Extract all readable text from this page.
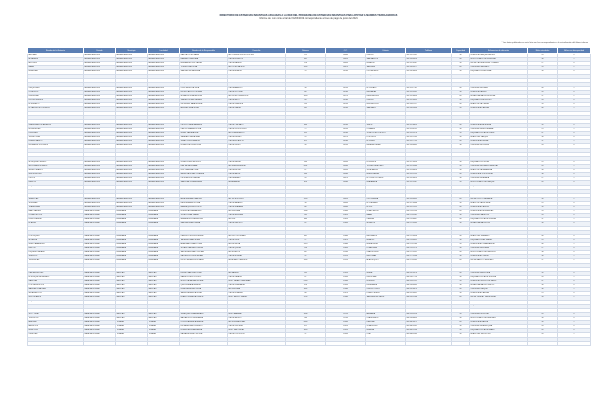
DIRECTORIO DE ESTANCIAS INFANTILES AFILIADAS A LA RED DEL PROGRAMA DE ESTANCIAS INFANTILES PARA APOYAR A MADRES TRABAJADORAS
Informe de: con corte al tal del 31/03/2019 correspondiente al mes de pago de junio del 2021
* Los datos publicados en esta lista son los correspondientes a la actualización del último informe
Nombre de la Estancia	Estado	Municipio	Localidad	Nombre de la Responsable	Domicilio	Número	C.P.	Colonia	Teléfono	Capacidad	Referencias de ubicación	Niños atendidos	Niños con discapacidad
ABC BABY	AGUASCALIENTES	AGUASCALIENTES	AGUASCALIENTES	GARCÍA LÓPEZ MARÍA	AV. CONVENCIÓN DE 1914 SUR	115	20000	CENTRO	449 915 2301	30	FRENTE AL PARQUE HÉROES	24	0
ACUARELA	AGUASCALIENTES	AGUASCALIENTES	AGUASCALIENTES	RAMÍREZ PÉREZ ANA	CALLE MORELOS	402	20010	SAN MARCOS	449 918 4420	40	A UN COSTADO DE LA IGLESIA	38	1
ARCOIRIS	AGUASCALIENTES	AGUASCALIENTES	AGUASCALIENTES	HERNÁNDEZ RUIZ LAURA	CALLE MADERO	218	20050	LA SALUD	449 912 0987	30	ENTRE CALLE ALLENDE Y JUÁREZ	27	0
BAMBI	AGUASCALIENTES	AGUASCALIENTES	AGUASCALIENTES	TORRES DÍAZ ROSA	AV. LÓPEZ MATEOS	1205	20070	JARDINES	449 916 3377	60	CERCA DEL MERCADO	55	2
BURBUJAS	AGUASCALIENTES	AGUASCALIENTES	AGUASCALIENTES	SÁNCHEZ MORA ELENA	CALLE HIDALGO	76	20100	OJOCALIENTE	449 910 8854	30	ESQUINA CON REFORMA	30	0
CAMPANITA	AGUASCALIENTES	AGUASCALIENTES	AGUASCALIENTES	FLORES GÓMEZ DIANA	CALLE ZARAGOZA	330	20120	BOSQUES DEL PRADO	449 914 2210	40	FRENTE A LA ESCUELA PRIMARIA	36	1
CARRUSEL	AGUASCALIENTES	AGUASCALIENTES	AGUASCALIENTES	MARTÍNEZ LUNA SOFÍA	AV. AGUASCALIENTES NTE.	890	20130	PRIMO VERDAD	449 917 6632	50	A LADO DE LA FARMACIA	48	0
CASITA FELIZ	AGUASCALIENTES	AGUASCALIENTES	AGUASCALIENTES	VÁZQUEZ ORTIZ CLAUDIA	CALLE GUERRERO	145	20140	CIUDAD SATÉLITE	449 911 5546	30	ATRÁS DEL CENTRO DE SALUD	29	0
CHIQUITINES	AGUASCALIENTES	AGUASCALIENTES	AGUASCALIENTES	CRUZ MENDOZA JULIA	CALLE ABASOLO	58	20150	EL DORADO	449 913 7781	40	CERCA DE LA PLAZA	40	1
CONEJITOS	AGUASCALIENTES	AGUASCALIENTES	AGUASCALIENTES	REYES CASTILLO NORMA	CALLE VICTORIA	267	20160	LAS HADAS	449 919 3302	30	FRENTE AL JARDÍN	26	0
DESPERTAR	AGUASCALIENTES	AGUASCALIENTES	AGUASCALIENTES	MORALES SILVA PATRICIA	AV. DE LA CONVENCIÓN	1410	20170	INSURGENTES	449 915 8890	60	A UNA CUADRA DEL HOSPITAL	57	2
DULCES SUEÑOS	AGUASCALIENTES	AGUASCALIENTES	AGUASCALIENTES	JIMÉNEZ ROJAS CARMEN	CALLE NIETO	84	20180	CENTRO	449 912 4455	30	ESQUINA CON MONTORO	28	0
EL ENCANTO	AGUASCALIENTES	AGUASCALIENTES	AGUASCALIENTES	GUTIÉRREZ NAVA MÓNICA	CALLE OBREGÓN	193	20190	LA FUNDICIÓN	449 918 1127	40	A LADO DE LA TIENDA	35	0
EL JARDÍN DE LOS NIÑOS	AGUASCALIENTES	AGUASCALIENTES	AGUASCALIENTES	AGUILAR VEGA SILVIA	CALLE JUÁREZ	502	20200	SAN PABLO	449 916 9034	50	FRENTE A LA CANCHA	46	1
ESTRELLITAS	AGUASCALIENTES	AGUASCALIENTES	AGUASCALIENTES	DOMÍNGUEZ PAZ TERESA	CALLE ALLENDE	38	20210	GREMIAL	449 910 2268	30	CERCA DEL DEPORTIVO	30	0
FANTASÍA	AGUASCALIENTES	AGUASCALIENTES	AGUASCALIENTES	MEDINA SOTO ADRIANA	AV. SIGLO XXI	2200	20220	VILLAS DE NTRA. SRA.	449 914 6671	60	ENTRE SUPERMERCADO Y BANCO	54	1
GOTITAS DE AMOR	AGUASCALIENTES	AGUASCALIENTES	AGUASCALIENTES	RÍOS CAMPOS VERÓNICA	CALLE PINO SUÁREZ	117	20230	MORELOS	449 917 3340	30	A UN COSTADO DEL TEMPLO	27	0
GUARDERÍA LOS ÁNGELES	AGUASCALIENTES	AGUASCALIENTES	AGUASCALIENTES	OROZCO LARA GABRIELA	CALLE 5 DE MAYO	640	20240	VÉRTIZ	449 911 8823	40	FRENTE A LA PAPELERÍA	39	0
HORMIGUITAS	AGUASCALIENTES	AGUASCALIENTES	AGUASCALIENTES	CASTRO IBARRA LETICIA	CALLE TECNOLÓGICO	71	20250	OLIVARES	449 913 0192	30	CERCA DE LA SECUNDARIA	25	1
ILUSIONES	AGUASCALIENTES	AGUASCALIENTES	AGUASCALIENTES	NÚÑEZ PARRA ALICIA	AV. PRIMER ANILLO	355	20260	JOSÉ LÓPEZ PORTILLO	449 919 5576	50	ESQUINA CON CALLE ROBLE	47	0
JUGUETONES	AGUASCALIENTES	AGUASCALIENTES	AGUASCALIENTES	SALAZAR PINEDA IRMA	CALLE FRESNO	29	20270	LOS PINOS	449 915 1143	30	A LADO DEL PARQUE	30	0
KINDER MÁGICO	AGUASCALIENTES	AGUASCALIENTES	AGUASCALIENTES	VEGA CORTÉS BEATRIZ	CALLE EUCALIPTO	412	20280	EL ROBLE	449 912 7759	40	FRENTE A LA IGLESIA	37	1
LA CASA DE LOS NIÑOS	AGUASCALIENTES	AGUASCALIENTES	AGUASCALIENTES	ROMERO ACOSTA LUCÍA	CALLE CEDRO	96	20290	LAS ARBOLEDAS	449 918 6605	30	CERCA DE LA CLÍNICA	28	0
LAS ABEJITAS	AGUASCALIENTES	AGUASCALIENTES	AGUASCALIENTES	HERRERA BRAVO MARTHA	AV. HÉROE DE NACOZARI	1780	20300	CURTIDORES	449 916 2238	60	ENTRE TIENDA Y GASOLINERA	58	2
LOS PITUFOS	AGUASCALIENTES	AGUASCALIENTES	AGUASCALIENTES	LÓPEZ ESTRADA NANCY	CALLE NOGAL	233	20310	PRIMAVERA	449 910 4481	30	A UNA CUADRA DEL MERCADO	26	0
MARIPOSITAS	AGUASCALIENTES	AGUASCALIENTES	AGUASCALIENTES	PÉREZ VARGAS ROCÍO	CALLE OLMO	18	20320	CD. INDUSTRIAL	449 914 9917	40	FRENTE AL KÍNDER	40	1
MI PEQUEÑO MUNDO	AGUASCALIENTES	AGUASCALIENTES	AGUASCALIENTES	GÓMEZ FUENTES EDITH	CALLE LAUREL	540	20330	FOVISSSTE	449 917 0054	30	ESQUINA CON CIPRÉS	29	0
MIS PRIMEROS PASOS	AGUASCALIENTES	AGUASCALIENTES	AGUASCALIENTES	DÍAZ MEJÍA SUSANA	AV. INDEPENDENCIA	2051	20340	TROJES DE ALONSO	449 911 3386	50	CERCA DE LA PLAZA COMERCIAL	45	1
MUNDO INFANTIL	AGUASCALIENTES	AGUASCALIENTES	AGUASCALIENTES	RUIZ CABRERA OLGA	CALLE ENCINO	67	20350	VILLA JARDÍN	449 913 8820	30	A LADO DE LA PANADERÍA	30	0
NIÑOS FELICES	AGUASCALIENTES	AGUASCALIENTES	AGUASCALIENTES	MENDOZA ROSAS YOLANDA	CALLE SAUCE	304	20360	BUENOS AIRES	449 919 2259	40	FRENTE A LA TORTILLERÍA	38	0
OSITOS	AGUASCALIENTES	AGUASCALIENTES	AGUASCALIENTES	ORTEGA LUGO KARINA	CALLE ÁLAMO	45	20370	EL CONSTITUYENTE	449 915 6613	30	CERCA DE LA PARADA	27	1
PASITOS	AGUASCALIENTES	AGUASCALIENTES	AGUASCALIENTES	SANDOVAL RIVERA ERIKA	AV. ALAMEDA	820	20380	LA ALAMEDA	449 912 5587	50	A UN COSTADO DEL PARQUE	49	0
PEQUEÑOS GENIOS	AGUASCALIENTES	AGUASCALIENTES	AGUASCALIENTES	CAMPOS NAVARRO LILIA	CALLE MANZANO	112	20390	POCITOS	449 918 3391	30	ESQUINA CON DURAZNO	30	0
PIOLÍN	AGUASCALIENTES	AGUASCALIENTES	AGUASCALIENTES	MOLINA TREJO SANDRA	CALLE PERAL	79	20400	SAN FRANCISCO	449 916 7742	40	FRENTE A LA CASETA	36	1
RAYITO DE SOL	AGUASCALIENTES	AGUASCALIENTES	AGUASCALIENTES	CORONA DELGADO ESTELA	CALLE LIMÓN	256	20410	LAS FLORES	449 910 9968	30	CERCA DEL TALLER	24	0
SEMILLITAS	AGUASCALIENTES	AGUASCALIENTES	AGUASCALIENTES	AVILA SERRANO FABIOLA	AV. TECNOLÓGICO	1133	20420	OJO DE AGUA	449 914 0035	60	ENTRE OXXO Y FARMACIA	56	2
SONRISAS	AGUASCALIENTES	AGUASCALIENTES	AGUASCALIENTES	PADILLA MARÍN GLORIA	CALLE NARANJO	34	20430	EL PLATEADO	449 917 4468	30	A LADO DE LA ESCUELA	29	0
TRAVESURAS	AGUASCALIENTES	AGUASCALIENTES	AGUASCALIENTES	IBARRA QUINTERO RUTH	CALLE GRANADA	187	20440	EL SOL	449 911 1124	40	FRENTE A LA CAPILLA	39	0
BABY GARDEN	BAJA CALIFORNIA	ENSENADA	ENSENADA	ROBLES ACUÑA MARISOL	AV. REFORMA	1540	22800	ZONA CENTRO	646 178 2230	60	FRENTE A LA UNIVERSIDAD	55	1
CORAZONCITOS	BAJA CALIFORNIA	ENSENADA	ENSENADA	VILLA CORRAL ISABEL	CALLE SEGUNDA	245	22810	BAHÍA	646 174 5581	30	CERCA DEL MALECÓN	28	0
DIVERTILANDIA	BAJA CALIFORNIA	ENSENADA	ENSENADA	MIRANDA SOLÍS ANGÉLICA	AV. RUIZ	880	22820	OBRERA	646 176 8807	40	ESQUINA CON CALLE NOVENA	37	1
EL ARCA	BAJA CALIFORNIA	ENSENADA	ENSENADA	ZAMORA PEÑA LORENA	CALLE CASTILLO	62	22830	MORELOS	646 172 3349	30	A UNA CUADRA DEL DIF	30	0
GIRASOLES	BAJA CALIFORNIA	ENSENADA	ENSENADA	BENÍTEZ OCHOA CECILIA	AV. PEDRO LOYOLA	1912	22840	VALLE DORADO	646 177 9915	50	FRENTE AL CENTRO COMERCIAL	48	0
LITTLE KIDS	BAJA CALIFORNIA	ENSENADA	ENSENADA	ESPINOZA RANGEL PAOLA	CALLE DELANTE	303	22850	INDEPENDENCIA	646 173 6624	30	CERCA DE LA PRIMARIA	26	1
LOS PEQUES	BAJA CALIFORNIA	ENSENADA	ENSENADA	CARRILLO MONTES DENISE	AV. DEL TOPÓGRAFO	441	22860	EMPLEADOS	646 175 0098	40	A LADO DEL GIMNASIO	40	0
MI CASITA	BAJA CALIFORNIA	ENSENADA	ENSENADA	TAPIA ESCOBAR NOEMÍ	CALLE ONCE	27	22870	HIDALGO	646 178 4452	30	ESQUINA CON AV. JUÁREZ	29	0
NUEVO AMANECER	BAJA CALIFORNIA	ENSENADA	ENSENADA	ARIAS MALDONADO LIDIA	AV. ESPINOZA	1370	22880	BUENA VISTA	646 174 1186	50	FRENTE A LA COMANDANCIA	46	1
PATITOS	BAJA CALIFORNIA	ENSENADA	ENSENADA	SOLANO GALLARDO HILDA	CALLE QUINTA	156	22890	LOMA LINDA	646 176 2273	30	CERCA DE LA IGLESIA	27	0
PEQUEÑO PARAÍSO	BAJA CALIFORNIA	ENSENADA	ENSENADA	VALDEZ ARELLANO CINTHIA	AV. MORELOS	507	22900	CHAPULTEPEC	646 172 9931	40	A UN COSTADO DEL PANTEÓN	38	0
SUEÑITOS	BAJA CALIFORNIA	ENSENADA	ENSENADA	GALLEGOS PONCE MIRIAM	CALLE NOVENA	92	22910	LAS LOMAS	646 177 5508	30	FRENTE A LA CLÍNICA	30	1
TERNURITAS	BAJA CALIFORNIA	ENSENADA	ENSENADA	LEÓN CERVANTES ROSARIO	AV. ÁLVARO OBREGÓN	1265	22920	ACAPULQUITO	646 173 3365	60	ENTRE BANCO Y MERCADO	57	2
ANGELITOS	BAJA CALIFORNIA	MEXICALI	MEXICALI	BARRERA OLVERA ANA LUISA	CALZ. JUSTO SIERRA	1880	21000	LOS PINOS	686 557 2291	60	FRENTE A LA PLAZA	54	1
BEBÉS Y MÁS	BAJA CALIFORNIA	MEXICALI	MEXICALI	CÁRDENAS FRÍAS JUANA	CALLE ROSARITO	441	21010	PRO HOGAR	686 554 8816	30	A LADO DE LA FARMACIA	28	0
CARITAS FELICES	BAJA CALIFORNIA	MEXICALI	MEXICALI	ESPINO MARTÍNEZ DORA	AV. MADERO	235	21020	NUEVA	686 552 3370	40	CERCA DE LA ESCUELA	39	0
EL BOSQUE ENCANTADO	BAJA CALIFORNIA	MEXICALI	MEXICALI	GARZA TOLEDO XÓCHITL	CALLE OAXACA	67	21030	INDUSTRIAL	686 556 7724	30	ESQUINA CON CALLE SONORA	26	1
GAVIOTAS	BAJA CALIFORNIA	MEXICALI	MEXICALI	MONTOYA SALINAS IVONNE	BLVD. LÁZARO CÁRDENAS	2310	21040	ROBLEDO	686 553 1152	50	FRENTE AL CENTRO DE SALUD	47	0
LOS CARIÑOSITOS	BAJA CALIFORNIA	MEXICALI	MEXICALI	QUIROZ ANAYA REBECA	CALLE CHIHUAHUA	318	21050	ESPERANZA	686 558 4409	30	A UNA CUADRA DEL TEMPLO	30	0
MANITAS CREATIVAS	BAJA CALIFORNIA	MEXICALI	MEXICALI	URIBE BERMÚDEZ NORA	AV. REFORMA	1092	21060	CENTRO CÍVICO	686 555 6673	40	CERCA DEL PARQUE	36	1
MIS ANGELITOS	BAJA CALIFORNIA	MEXICALI	MEXICALI	VALENCIA HUERTA SILVIA	CALLE DURANGO	88	21070	PUEBLO NUEVO	686 551 0031	30	FRENTE A LA CANCHA	25	0
NIDO DE AMOR	BAJA CALIFORNIA	MEXICALI	MEXICALI	FRANCO ESPARZA LIZBETH	BLVD. BENITO JUÁREZ	1705	21080	JARDINES DEL VALLE	686 559 2248	60	ENTRE TIENDA Y FERRETERÍA	58	2
PEQUES Y JUEGOS	BAJA CALIFORNIA	MEXICALI	MEXICALI	RANGEL CUEVAS MARINA	CALLE SINALOA	249	21090	HIDALGO	686 554 3315	30	A LADO DE LA IGLESIA	29	0
PINOCHO	BAJA CALIFORNIA	MEXICALI	MEXICALI	SOTO ALVARADO ROSALBA	AV. ZARAGOZA	512	21100	LIBERTAD	686 552 7789	40	ESQUINA CON AV. COLIMA	40	0
RINCÓN INFANTIL	BAJA CALIFORNIA	MEXICALI	MEXICALI	PALACIOS NAVA HORTENSIA	CALLE TAMAULIPAS	73	21110	BELLAVISTA	686 556 1154	30	FRENTE A LA PRIMARIA	27	1
SOL Y LUNA	BAJA CALIFORNIA	MEXICALI	MEXICALI	VELÁZQUEZ RIVAS AMPARO	BLVD. ANÁHUAC	1433	21120	AHUMADA	686 553 5526	50	CERCA DEL HOSPITAL	45	0
TESORITOS	BAJA CALIFORNIA	MEXICALI	MEXICALI	MACÍAS ROJO ESPERANZA	CALLE JALISCO	164	21130	CUAUHTÉMOC	686 558 8893	30	A UN COSTADO DEL MERCADO	30	0
ABEJITAS	BAJA CALIFORNIA	TIJUANA	TIJUANA	CORTÉS ARMENTA BLANCA	AV. INTERNACIONAL	2890	22000	LIBERTAD	664 682 4471	60	FRENTE A LA GARITA	56	1
AMIGUITOS	BAJA CALIFORNIA	TIJUANA	TIJUANA	ESTRADA LIRA CONSUELO	CALLE TERCERA	311	22010	ZONA NORTE	664 685 9902	30	CERCA DE LA PARROQUIA	28	0
BRINCOLÍN	BAJA CALIFORNIA	TIJUANA	TIJUANA	FIGUEROA DURÁN MAYRA	BLVD. DÍAZ ORDAZ	1620	22020	LA MESA	664 681 2236	50	ESQUINA CON CALLE ÉBANO	49	0
CHISPITAS	BAJA CALIFORNIA	TIJUANA	TIJUANA	GALVÁN MORENO LETICIA	CALLE LOS OLIVOS	57	22030	OTAY	664 684 5563	30	A LADO DEL DEPORTIVO	26	1
DULCE HOGAR	BAJA CALIFORNIA	TIJUANA	TIJUANA	HUERTA VÁZQUEZ AURORA	AV. PASEO DE LOS HÉROES	9350	22040	ZONA RÍO	664 683 7795	40	FRENTE AL CENTRO CULTURAL	38	0
MUNDO FELIZ	BAJA CALIFORNIA	TIJUANA	TIJUANA	IBARRA ZÚÑIGA MAGDALENA	CALLE ROBLE	204	22050	CAMPESTRE	664 686 1128	30	CERCA DEL ESTADIO	30	0
